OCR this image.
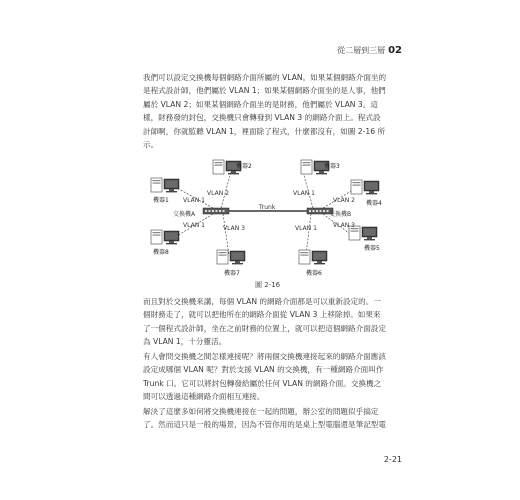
從二層到三層 02

我們可以設定交換機每個網路介面所屬的 VLAN。如果某個網路介面坐的是程式設計師，他們屬於 VLAN 1；如果某個網路介面坐的是人事，他們屬於 VLAN 2；如果某個網路介面坐的是財務，他們屬於 VLAN 3。這樣，財務發的封包，交換機只會轉發到 VLAN 3 的網路介面上。程式設計師啊，你就監聽 VLAN 1，裡面除了程式，什麼都沒有，如圖 2-16 所示。

機器1
機器2	機器3
機器4
機器5
機器6
機器7
機器8
交換機A	交換機B
Trunk
VLAN 1
VLAN 2
VLAN 1	VLAN 3
VLAN 1
VLAN 2
VLAN 3
VLAN 1
圖 2-16

而且對於交換機來講，每個 VLAN 的網路介面都是可以重新設定的。一個財務走了，就可以把他所在的網路介面從 VLAN 3 上移除掉。如果來了一個程式設計師，坐在之前財務的位置上，就可以把這個網路介面設定為 VLAN 1，十分靈活。

有人會問交換機之間怎樣連接呢？將兩個交換機連接起來的網路介面應該設定成哪個 VLAN 呢？對於支援 VLAN 的交換機，有一種網路介面叫作 Trunk 口。它可以將封包轉發給屬於任何 VLAN 的網路介面。交換機之間可以透過這種網路介面相互連接。

解決了這麼多如何將交換機連接在一起的問題，辦公室的問題似乎搞定了。然而這只是一般的場景，因為不管你用的是桌上型電腦還是筆記型電

2-21
